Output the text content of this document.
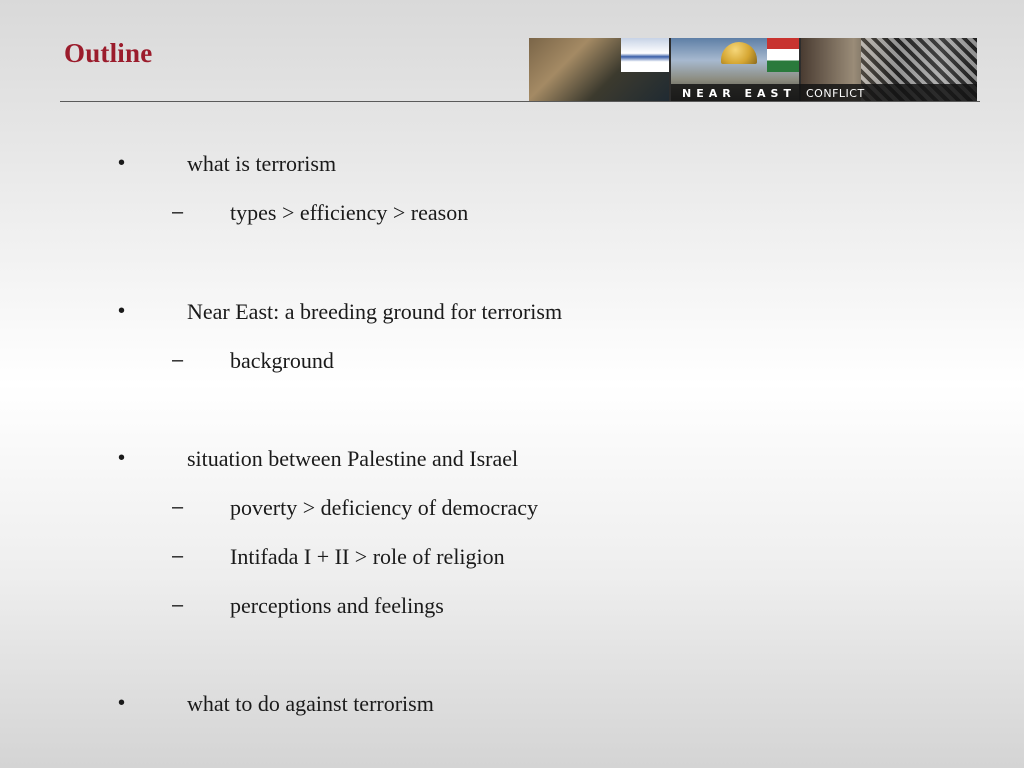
Outline
NEAR EAST CONFLICT
•	what is terrorism
– types > efficiency > reason
•	Near East: a breeding ground for terrorism
– background
•	situation between Palestine and Israel
– poverty > deficiency of democracy
– Intifada I + II > role of religion
– perceptions and feelings
•	what to do against terrorism
